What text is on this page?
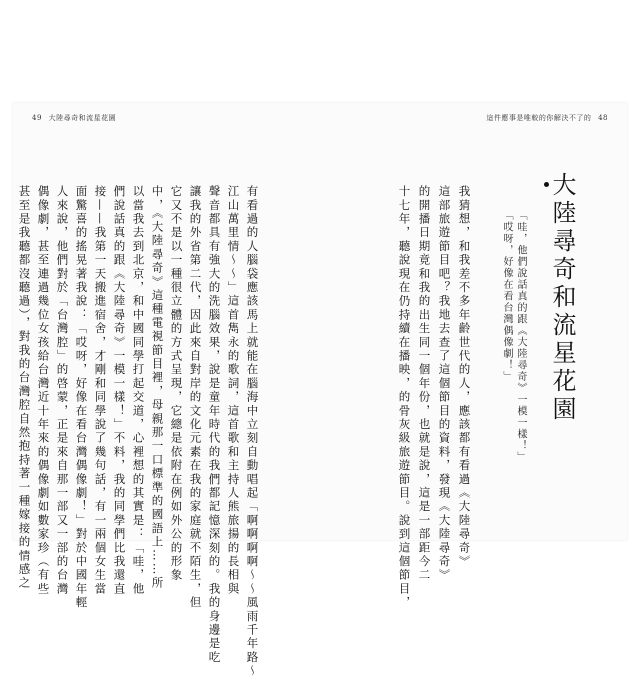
49 大陸尋奇和流星花園	這件應事是唯較的你解決不了的 48
大陸尋奇和流星花園
「哇，他們說話真的跟《大陸尋奇》一模一樣！」
「哎呀，好像在看台灣偶像劇！」
我猜想，和我差不多年齡世代的人，應該都有看過《大陸尋奇》
這部旅遊節目吧？我地去查了這個節目的資料，發現《大陸尋奇》
的開播日期竟和我的出生同一個年份，也就是說，這是一部距今二
十七年，聽說現在仍持續在播映，的骨灰級旅遊節目。說到這個節目，
有看過的人腦袋應該馬上就能在腦海中立刻自動唱起「啊啊啊啊～～風雨千年路～
江山萬里情～～」這首雋永的歌詞，這首歌和主持人熊旅揚的長相與
聲音都具有強大的洗腦效果，說是童年時代的我們都記憶深刻的。我的身邊是吃
讓我的外省第二代，因此來自對岸的文化元素在我的家庭就不陌生，但
它又不是以一種很立體的方式呈現，它總是依附在例如外公的形象
中，《大陸尋奇》這種電視節目裡，母親那一口標準的國語上……所
以當我去到北京，和中國同學打起交道，心裡想的其實是：「哇，他
們說話真的跟《大陸尋奇》一模一樣！」不料，我的同學們比我還直
接——我第一天搬進宿舍，才剛和同學說了幾句話，有一兩個女生當
面驚喜的搖晃著我說：「哎呀，好像在看台灣偶像劇！」對於中國年輕
人來說，他們對於「台灣腔」的啓蒙，正是來自那一部又一部的台灣
偶像劇，甚至連過幾位女孩給台灣近十年來的偶像劇如數家珍（有些
甚至是我聽都沒聽過），對我的台灣腔自然抱持著一種嫁接的情感之
